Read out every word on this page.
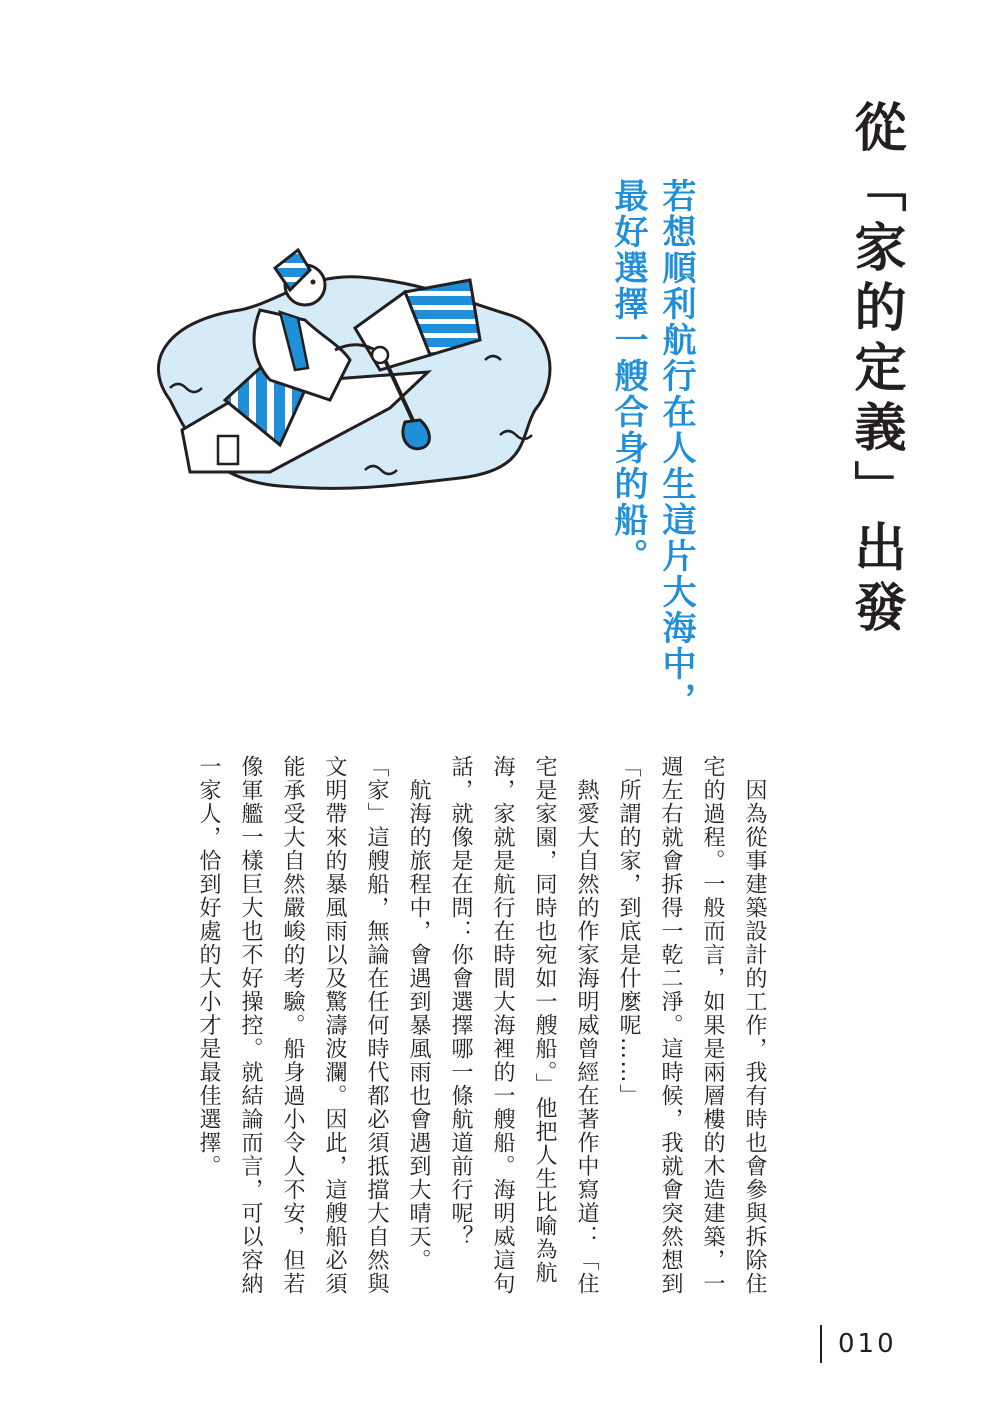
從「家的定義」出發
若想順利航行在人生這片大海中，
最好選擇一艘合身的船。

　因為從事建築設計的工作，我有時也會參與拆除住宅的過程。一般而言，如果是兩層樓的木造建築，一週左右就會拆得一乾二淨。這時候，我就會突然想到「所謂的家，到底是什麼呢……」

　熱愛大自然的作家海明威曾經在著作中寫道：「住宅是家園，同時也宛如一艘船。」他把人生比喻為航海，家就是航行在時間大海裡的一艘船。海明威這句話，就像是在問：你會選擇哪一條航道前行呢？

　航海的旅程中，會遇到暴風雨也會遇到大晴天。「家」這艘船，無論在任何時代都必須抵擋大自然與文明帶來的暴風雨以及驚濤波瀾。因此，這艘船必須能承受大自然嚴峻的考驗。船身過小令人不安，但若像軍艦一樣巨大也不好操控。就結論而言，可以容納一家人，恰到好處的大小才是最佳選擇。

010
